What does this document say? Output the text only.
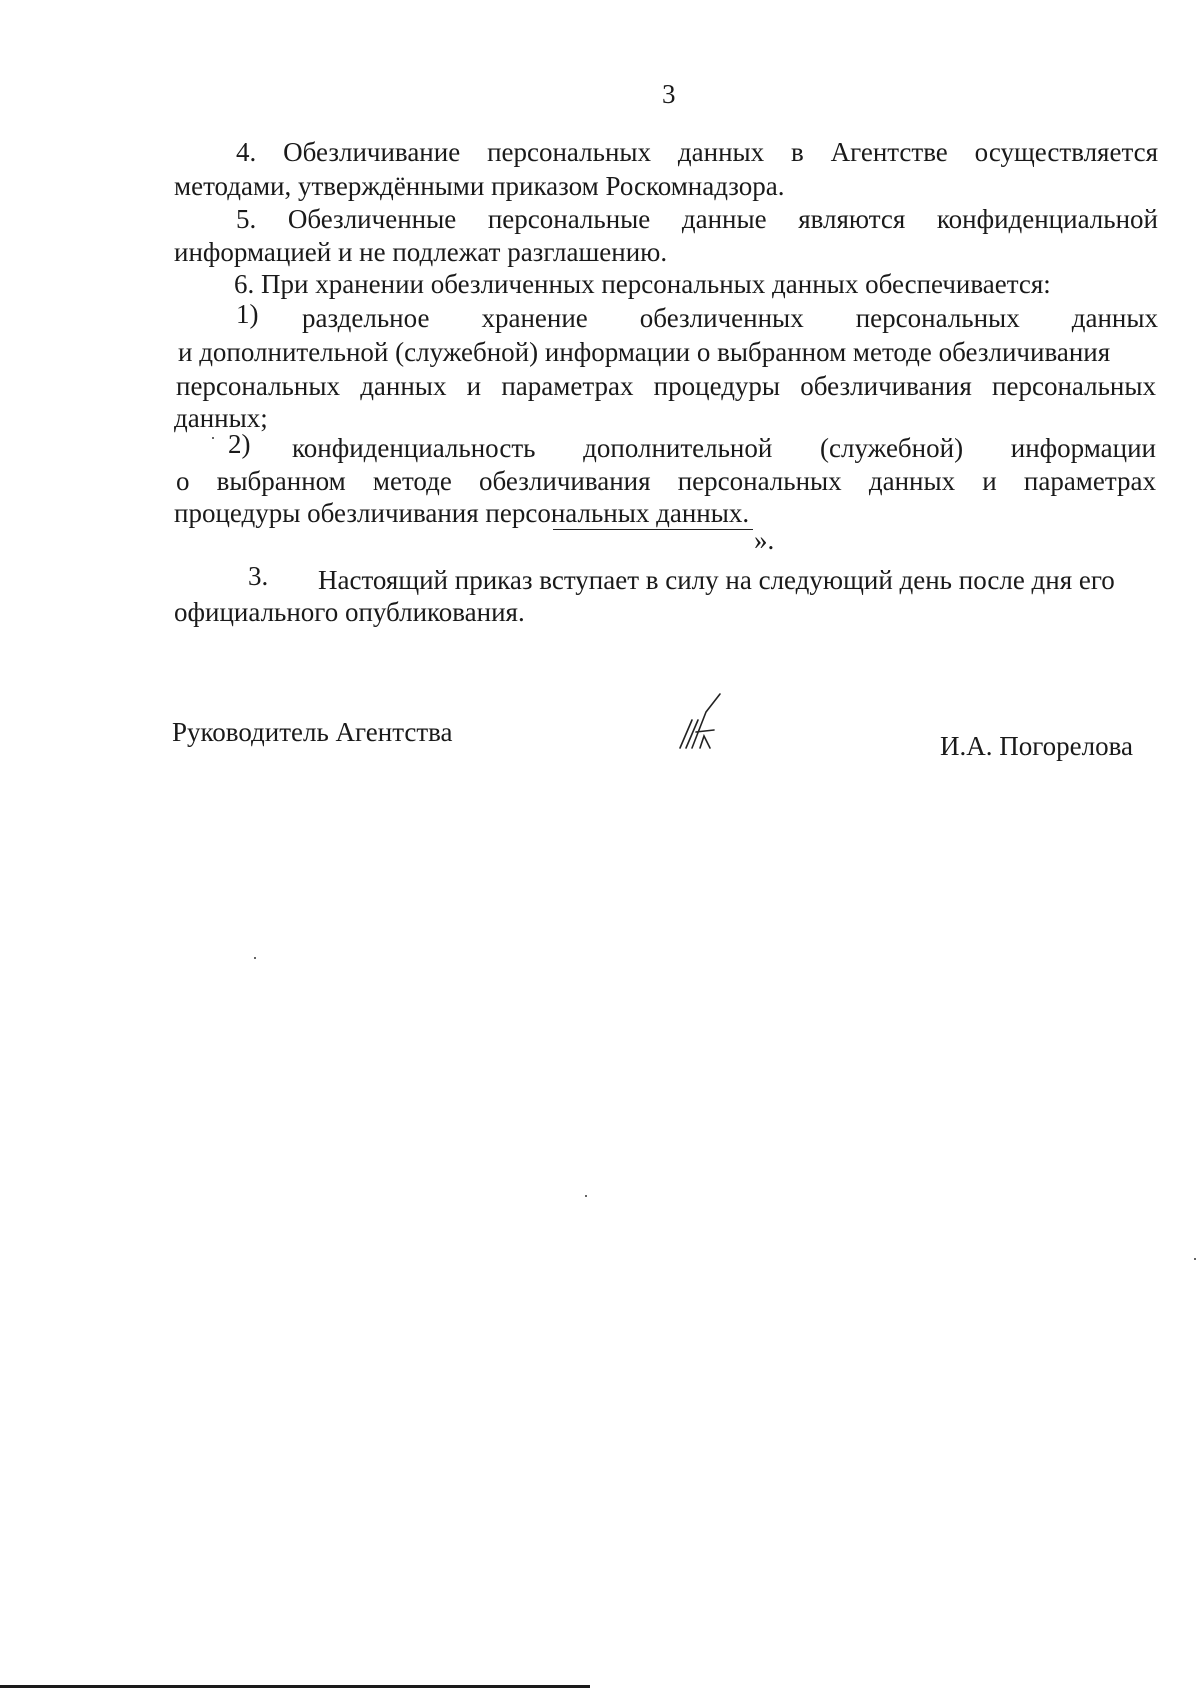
3
4. Обезличивание персональных данных в Агентстве осуществляется
методами, утверждёнными приказом Роскомнадзора.
5. Обезличенные персональные данные являются конфиденциальной
информацией и не подлежат разглашению.
6. При хранении обезличенных персональных данных обеспечивается:
1)	раздельное хранение обезличенных персональных данных
и дополнительной (служебной) информации о выбранном методе обезличивания
персональных данных и параметрах процедуры обезличивания персональных
данных;
2)	конфиденциальность дополнительной (служебной) информации
о выбранном методе обезличивания персональных данных и параметрах
процедуры обезличивания персональных данных.
».
3.	Настоящий приказ вступает в силу на следующий день после дня его
официального опубликования.
Руководитель Агентства	И.А. Погорелова
